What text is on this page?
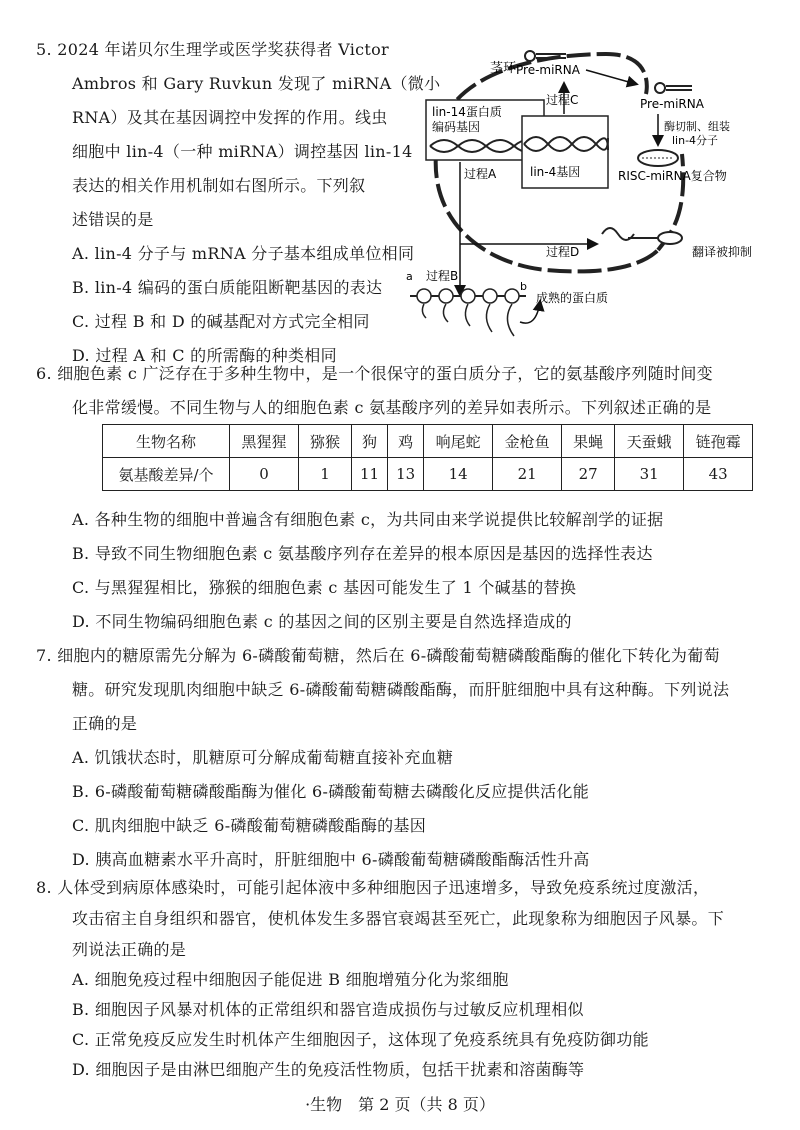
5. 2024 年诺贝尔生理学或医学奖获得者 Victor
Ambros 和 Gary Ruvkun 发现了 miRNA（微小
RNA）及其在基因调控中发挥的作用。线虫
细胞中 lin-4（一种 miRNA）调控基因 lin-14
表达的相关作用机制如右图所示。下列叙
述错误的是
A. lin-4 分子与 mRNA 分子基本组成单位相同
B. lin-4 编码的蛋白质能阻断靶基因的表达
C. 过程 B 和 D 的碱基配对方式完全相同
D. 过程 A 和 C 的所需酶的种类相同
茎环 Pre-miRNA
Pre-miRNA
酶切制、组装
lin-4分子
RISC-miRNA复合物
lin-14蛋白质
编码基因
lin-4基因
过程C
过程A
过程D	翻译被抑制
a 过程B
b
成熟的蛋白质
6. 细胞色素 c 广泛存在于多种生物中，是一个很保守的蛋白质分子，它的氨基酸序列随时间变
化非常缓慢。不同生物与人的细胞色素 c 氨基酸序列的差异如表所示。下列叙述正确的是
生物名称	黑猩猩	猕猴	狗	鸡	响尾蛇	金枪鱼	果蝇	天蚕蛾	链孢霉
氨基酸差异/个	0	1	11	13	14	21	27	31	43
A. 各种生物的细胞中普遍含有细胞色素 c，为共同由来学说提供比较解剖学的证据
B. 导致不同生物细胞色素 c 氨基酸序列存在差异的根本原因是基因的选择性表达
C. 与黑猩猩相比，猕猴的细胞色素 c 基因可能发生了 1 个碱基的替换
D. 不同生物编码细胞色素 c 的基因之间的区别主要是自然选择造成的
7. 细胞内的糖原需先分解为 6-磷酸葡萄糖，然后在 6-磷酸葡萄糖磷酸酯酶的催化下转化为葡萄
糖。研究发现肌肉细胞中缺乏 6-磷酸葡萄糖磷酸酯酶，而肝脏细胞中具有这种酶。下列说法
正确的是
A. 饥饿状态时，肌糖原可分解成葡萄糖直接补充血糖
B. 6-磷酸葡萄糖磷酸酯酶为催化 6-磷酸葡萄糖去磷酸化反应提供活化能
C. 肌肉细胞中缺乏 6-磷酸葡萄糖磷酸酯酶的基因
D. 胰高血糖素水平升高时，肝脏细胞中 6-磷酸葡萄糖磷酸酯酶活性升高
8. 人体受到病原体感染时，可能引起体液中多种细胞因子迅速增多，导致免疫系统过度激活，
攻击宿主自身组织和器官，使机体发生多器官衰竭甚至死亡，此现象称为细胞因子风暴。下
列说法正确的是
A. 细胞免疫过程中细胞因子能促进 B 细胞增殖分化为浆细胞
B. 细胞因子风暴对机体的正常组织和器官造成损伤与过敏反应机理相似
C. 正常免疫反应发生时机体产生细胞因子，这体现了免疫系统具有免疫防御功能
D. 细胞因子是由淋巴细胞产生的免疫活性物质，包括干扰素和溶菌酶等
·生物　第 2 页（共 8 页）
